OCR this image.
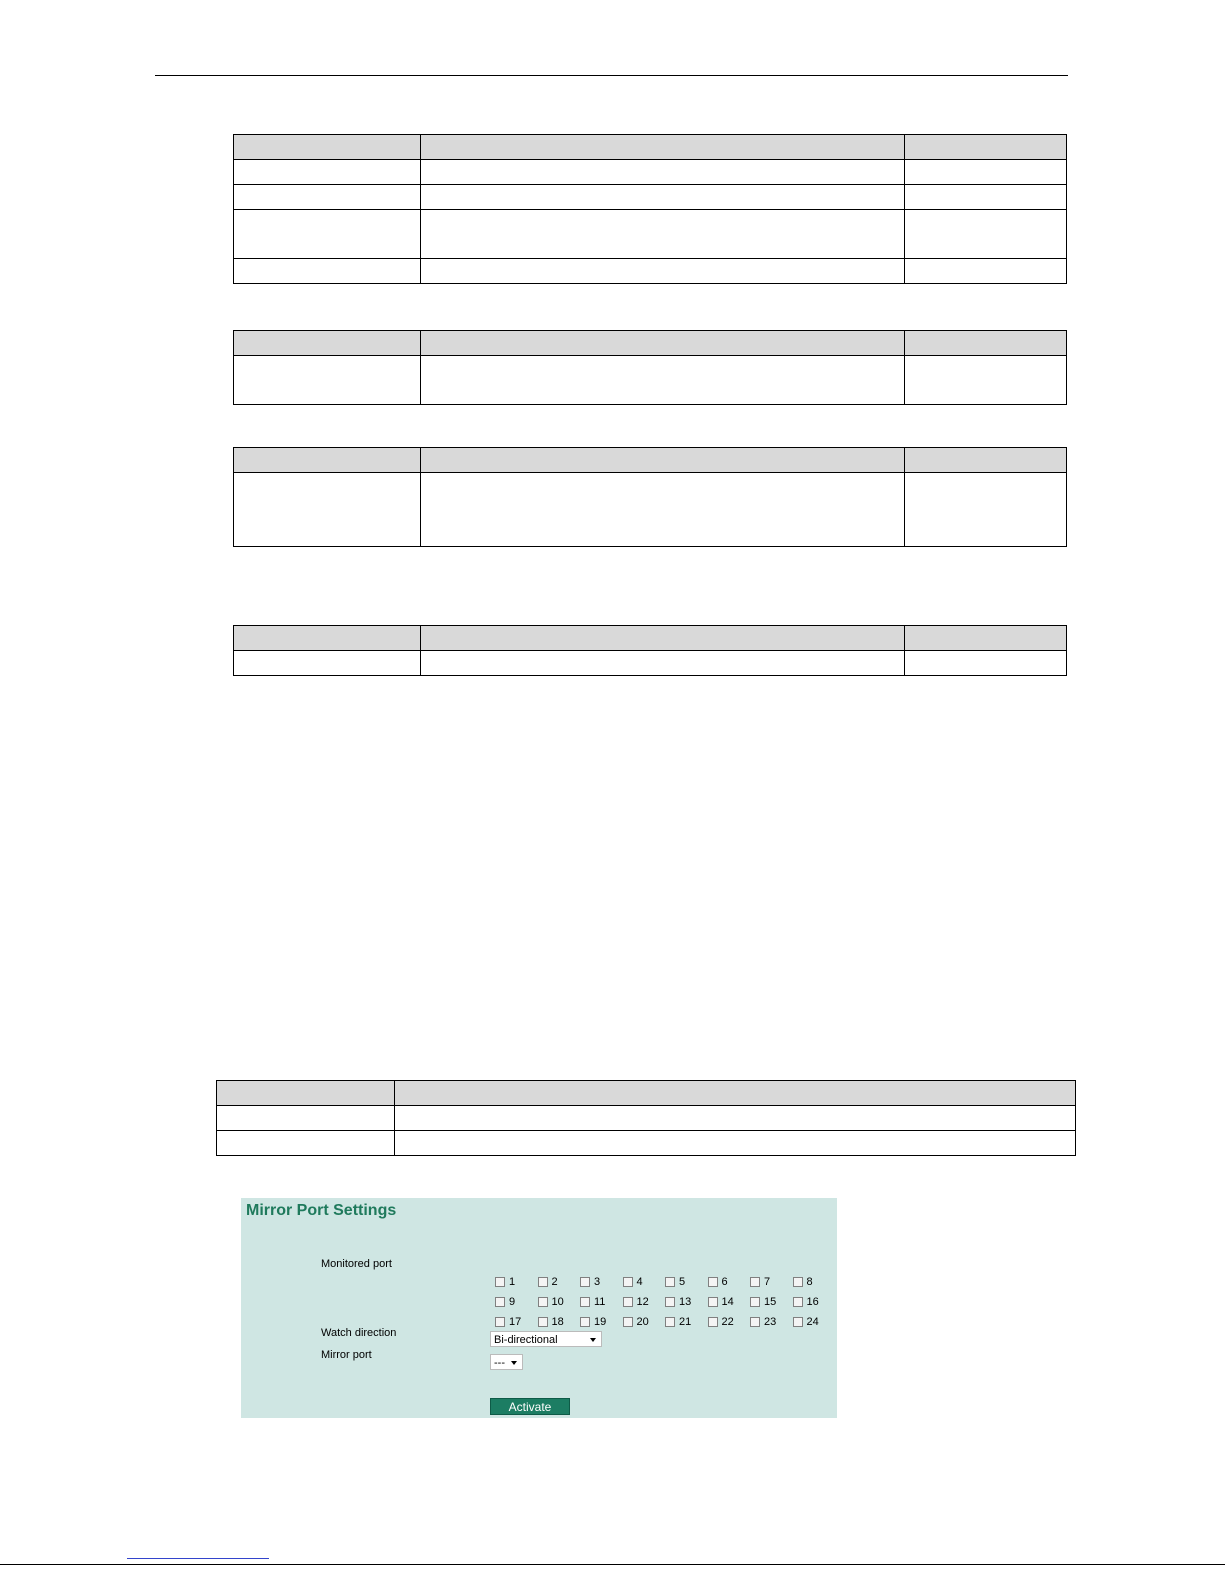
Mirror Port Settings
Monitored port
1	2	3	4	5	6	7	8
9	10	11	12	13	14	15	16
17	18	19	20	21	22	23	24
Watch direction
Bi-directional
Mirror port
---
Activate
